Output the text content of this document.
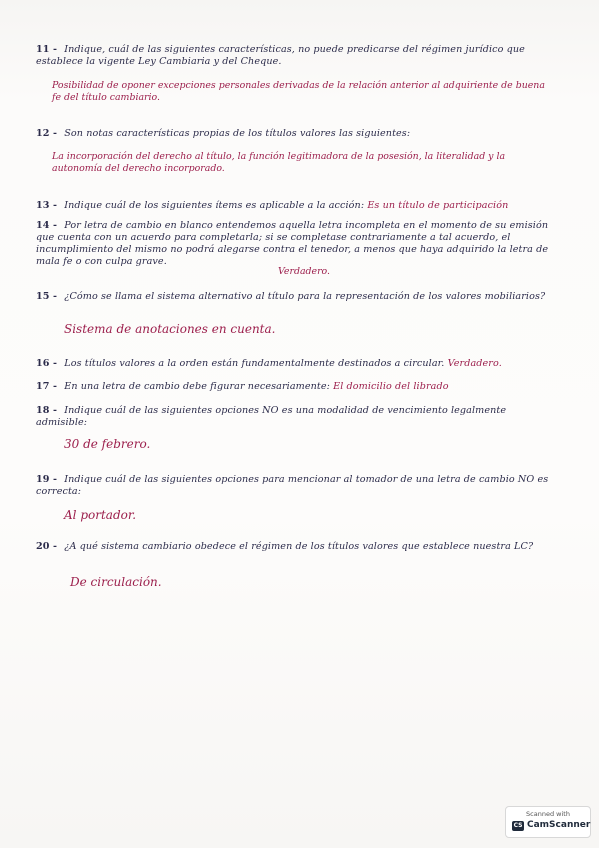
11 - Indique, cuál de las siguientes características, no puede predicarse del régimen jurídico que establece la vigente Ley Cambiaria y del Cheque.
Posibilidad de oponer excepciones personales derivadas de la relación anterior al adquiriente de buena fe del título cambiario.
12 - Son notas características propias de los títulos valores las siguientes:
La incorporación del derecho al título, la función legitimadora de la posesión, la literalidad y la autonomía del derecho incorporado.
13 - Indique cuál de los siguientes ítems es aplicable a la acción: Es un título de participación
14 - Por letra de cambio en blanco entendemos aquella letra incompleta en el momento de su emisión que cuenta con un acuerdo para completarla; si se completase contrariamente a tal acuerdo, el incumplimiento del mismo no podrá alegarse contra el tenedor, a menos que haya adquirido la letra de mala fe o con culpa grave.
Verdadero.
15 - ¿Cómo se llama el sistema alternativo al título para la representación de los valores mobiliarios?
Sistema de anotaciones en cuenta.
16 - Los títulos valores a la orden están fundamentalmente destinados a circular. Verdadero.
17 - En una letra de cambio debe figurar necesariamente: El domicilio del librado
18 - Indique cuál de las siguientes opciones NO es una modalidad de vencimiento legalmente admisible:
30 de febrero.
19 - Indique cuál de las siguientes opciones para mencionar al tomador de una letra de cambio NO es correcta:
Al portador.
20 - ¿A qué sistema cambiario obedece el régimen de los títulos valores que establece nuestra LC?
De circulación.
Scanned with
CS CamScanner
